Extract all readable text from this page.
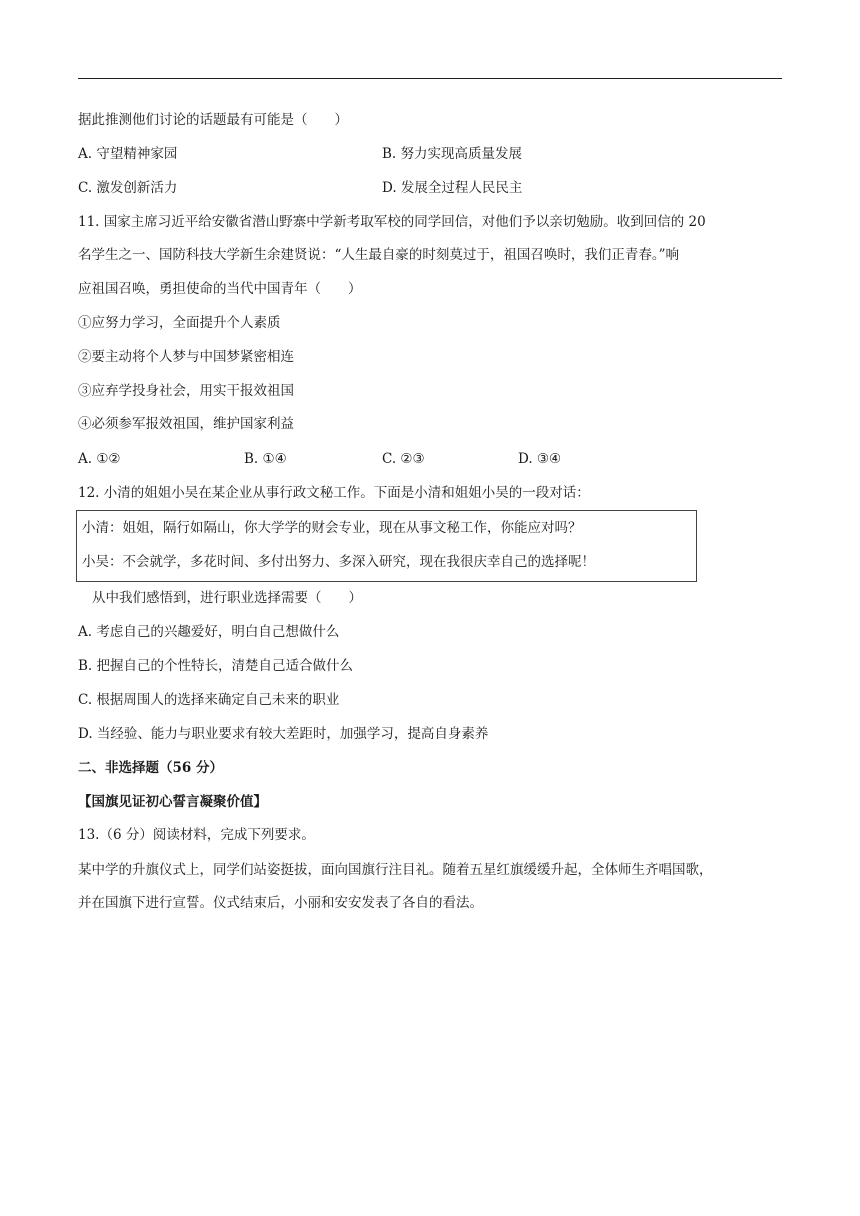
据此推测他们讨论的话题最有可能是（　　）
A. 守望精神家园	B. 努力实现高质量发展
C. 激发创新活力	D. 发展全过程人民民主
11. 国家主席习近平给安徽省潜山野寨中学新考取军校的同学回信，对他们予以亲切勉励。收到回信的 20
名学生之一、国防科技大学新生余建贤说：“人生最自豪的时刻莫过于，祖国召唤时，我们正青春。”响
应祖国召唤，勇担使命的当代中国青年（　　）
①应努力学习，全面提升个人素质
②要主动将个人梦与中国梦紧密相连
③应弃学投身社会，用实干报效祖国
④必须参军报效祖国，维护国家利益
A. ①②	B. ①④	C. ②③	D. ③④
12. 小清的姐姐小吴在某企业从事行政文秘工作。下面是小清和姐姐小吴的一段对话：
小清：姐姐，隔行如隔山，你大学学的财会专业，现在从事文秘工作，你能应对吗？
小吴：不会就学，多花时间、多付出努力、多深入研究，现在我很庆幸自己的选择呢！
从中我们感悟到，进行职业选择需要（　　）
A. 考虑自己的兴趣爱好，明白自己想做什么
B. 把握自己的个性特长，清楚自己适合做什么
C. 根据周围人的选择来确定自己未来的职业
D. 当经验、能力与职业要求有较大差距时，加强学习，提高自身素养
二、非选择题（56 分）
【国旗见证初心誓言凝聚价值】
13.（6 分）阅读材料，完成下列要求。
某中学的升旗仪式上，同学们站姿挺拔，面向国旗行注目礼。随着五星红旗缓缓升起，全体师生齐唱国歌，
并在国旗下进行宣誓。仪式结束后，小丽和安安发表了各自的看法。
